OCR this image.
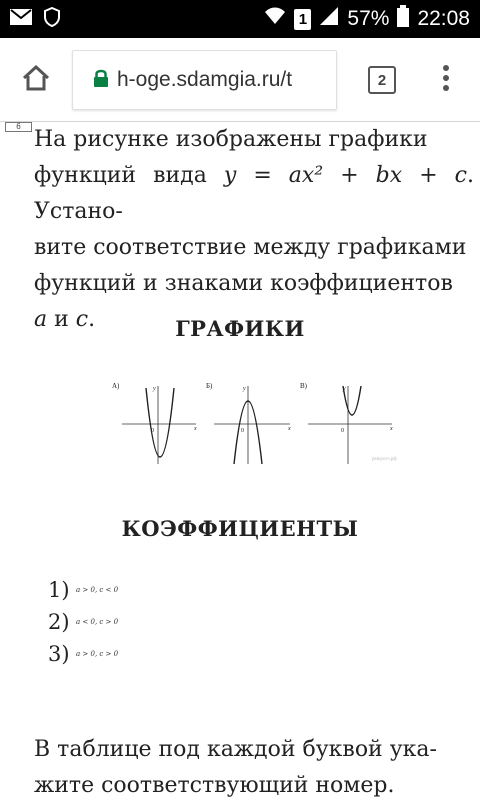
1 57% 22:08
h-oge.sdamgia.ru/t	2
6
На рисунке изображены графики
функций вида y = ax² + bx + c. Устано-
вите соответствие между графиками
функций и знаками коэффициентов
a и c.	ГРАФИКИ
А)
x
y
0
Б)
x
y
0
В)
x
y
0
решуогэ.рф
КОЭФФИЦИЕНТЫ
1) a > 0, c < 0
2) a < 0, c > 0
3) a > 0, c > 0
В таблице под каждой буквой ука-
жите соответствующий номер.
